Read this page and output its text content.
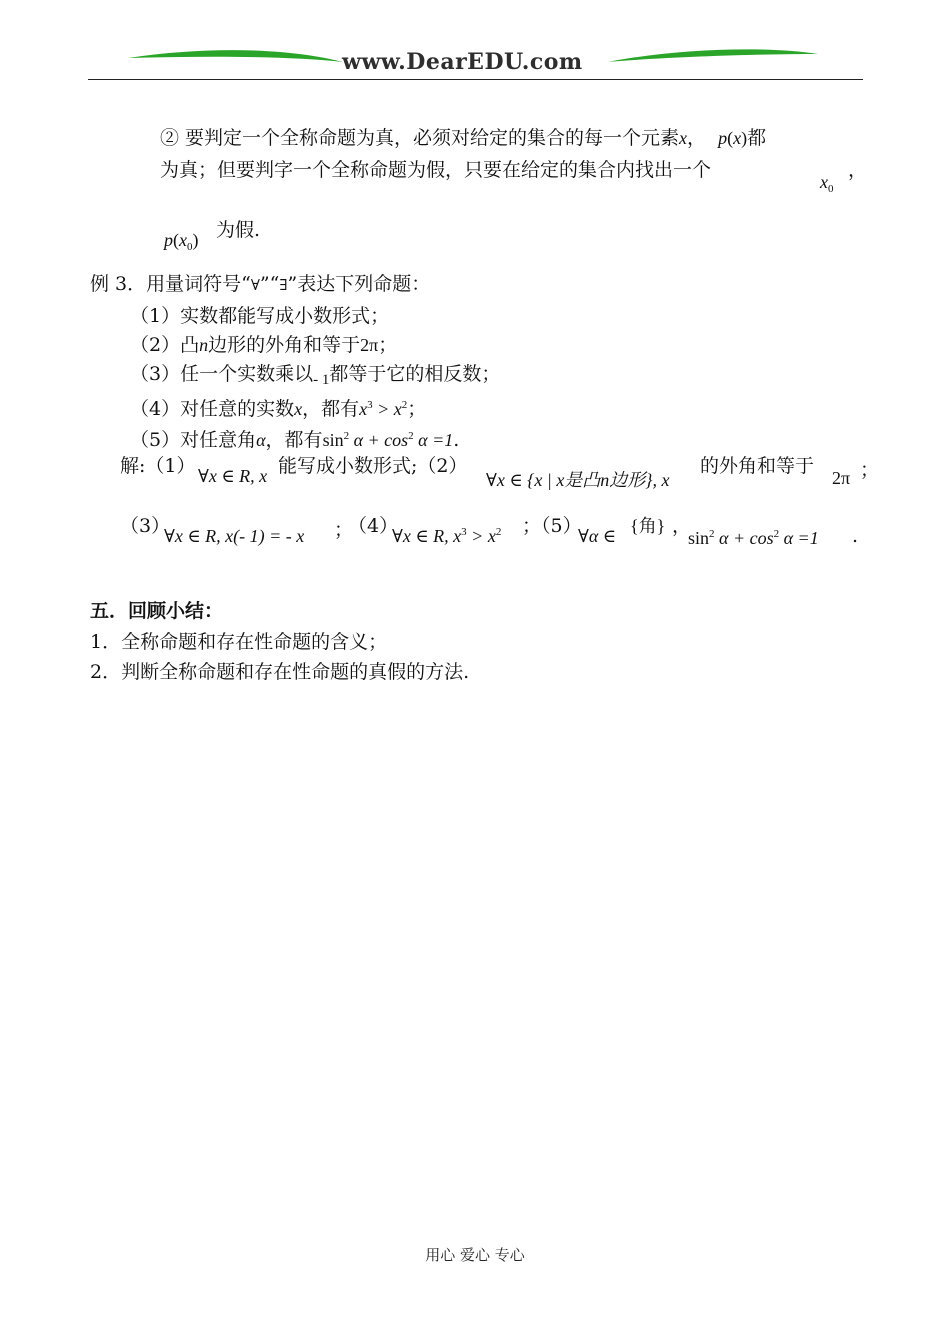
www.DearEDU.com
② 要判定一个全称命题为真，必须对给定的集合的每一个元素x， p(x)都
为真；但要判字一个全称命题为假，只要在给定的集合内找出一个
$x_0$
，
$p(x_0)$ 为假.
例 3．用量词符号“∀”“∃”表达下列命题：
（1）实数都能写成小数形式；
（2）凸n边形的外角和等于2π；
（3）任一个实数乘以$_{- 1}$都等于它的相反数；
（4）对任意的实数x，都有$x^3 > x^2$；
（5）对任意角α，都有$\sin^2 \alpha + \cos^2 \alpha =1$.
解:（1） ∀x ∈ R, x 能写成小数形式;（2）
∀x ∈ {x | x是凸n边形}, x
的外角和等于
2π ；
（3）
∀x ∈ R, x(- 1) = - x ；
（4）
∀x ∈ R, $x^3 > x^2$ ；（5）
∀α ∈ {角} ，
$\sin^2 \alpha + \cos^2 \alpha =1$ .
五．回顾小结：
1．全称命题和存在性命题的含义；
2．判断全称命题和存在性命题的真假的方法.
用心 爱心 专心
